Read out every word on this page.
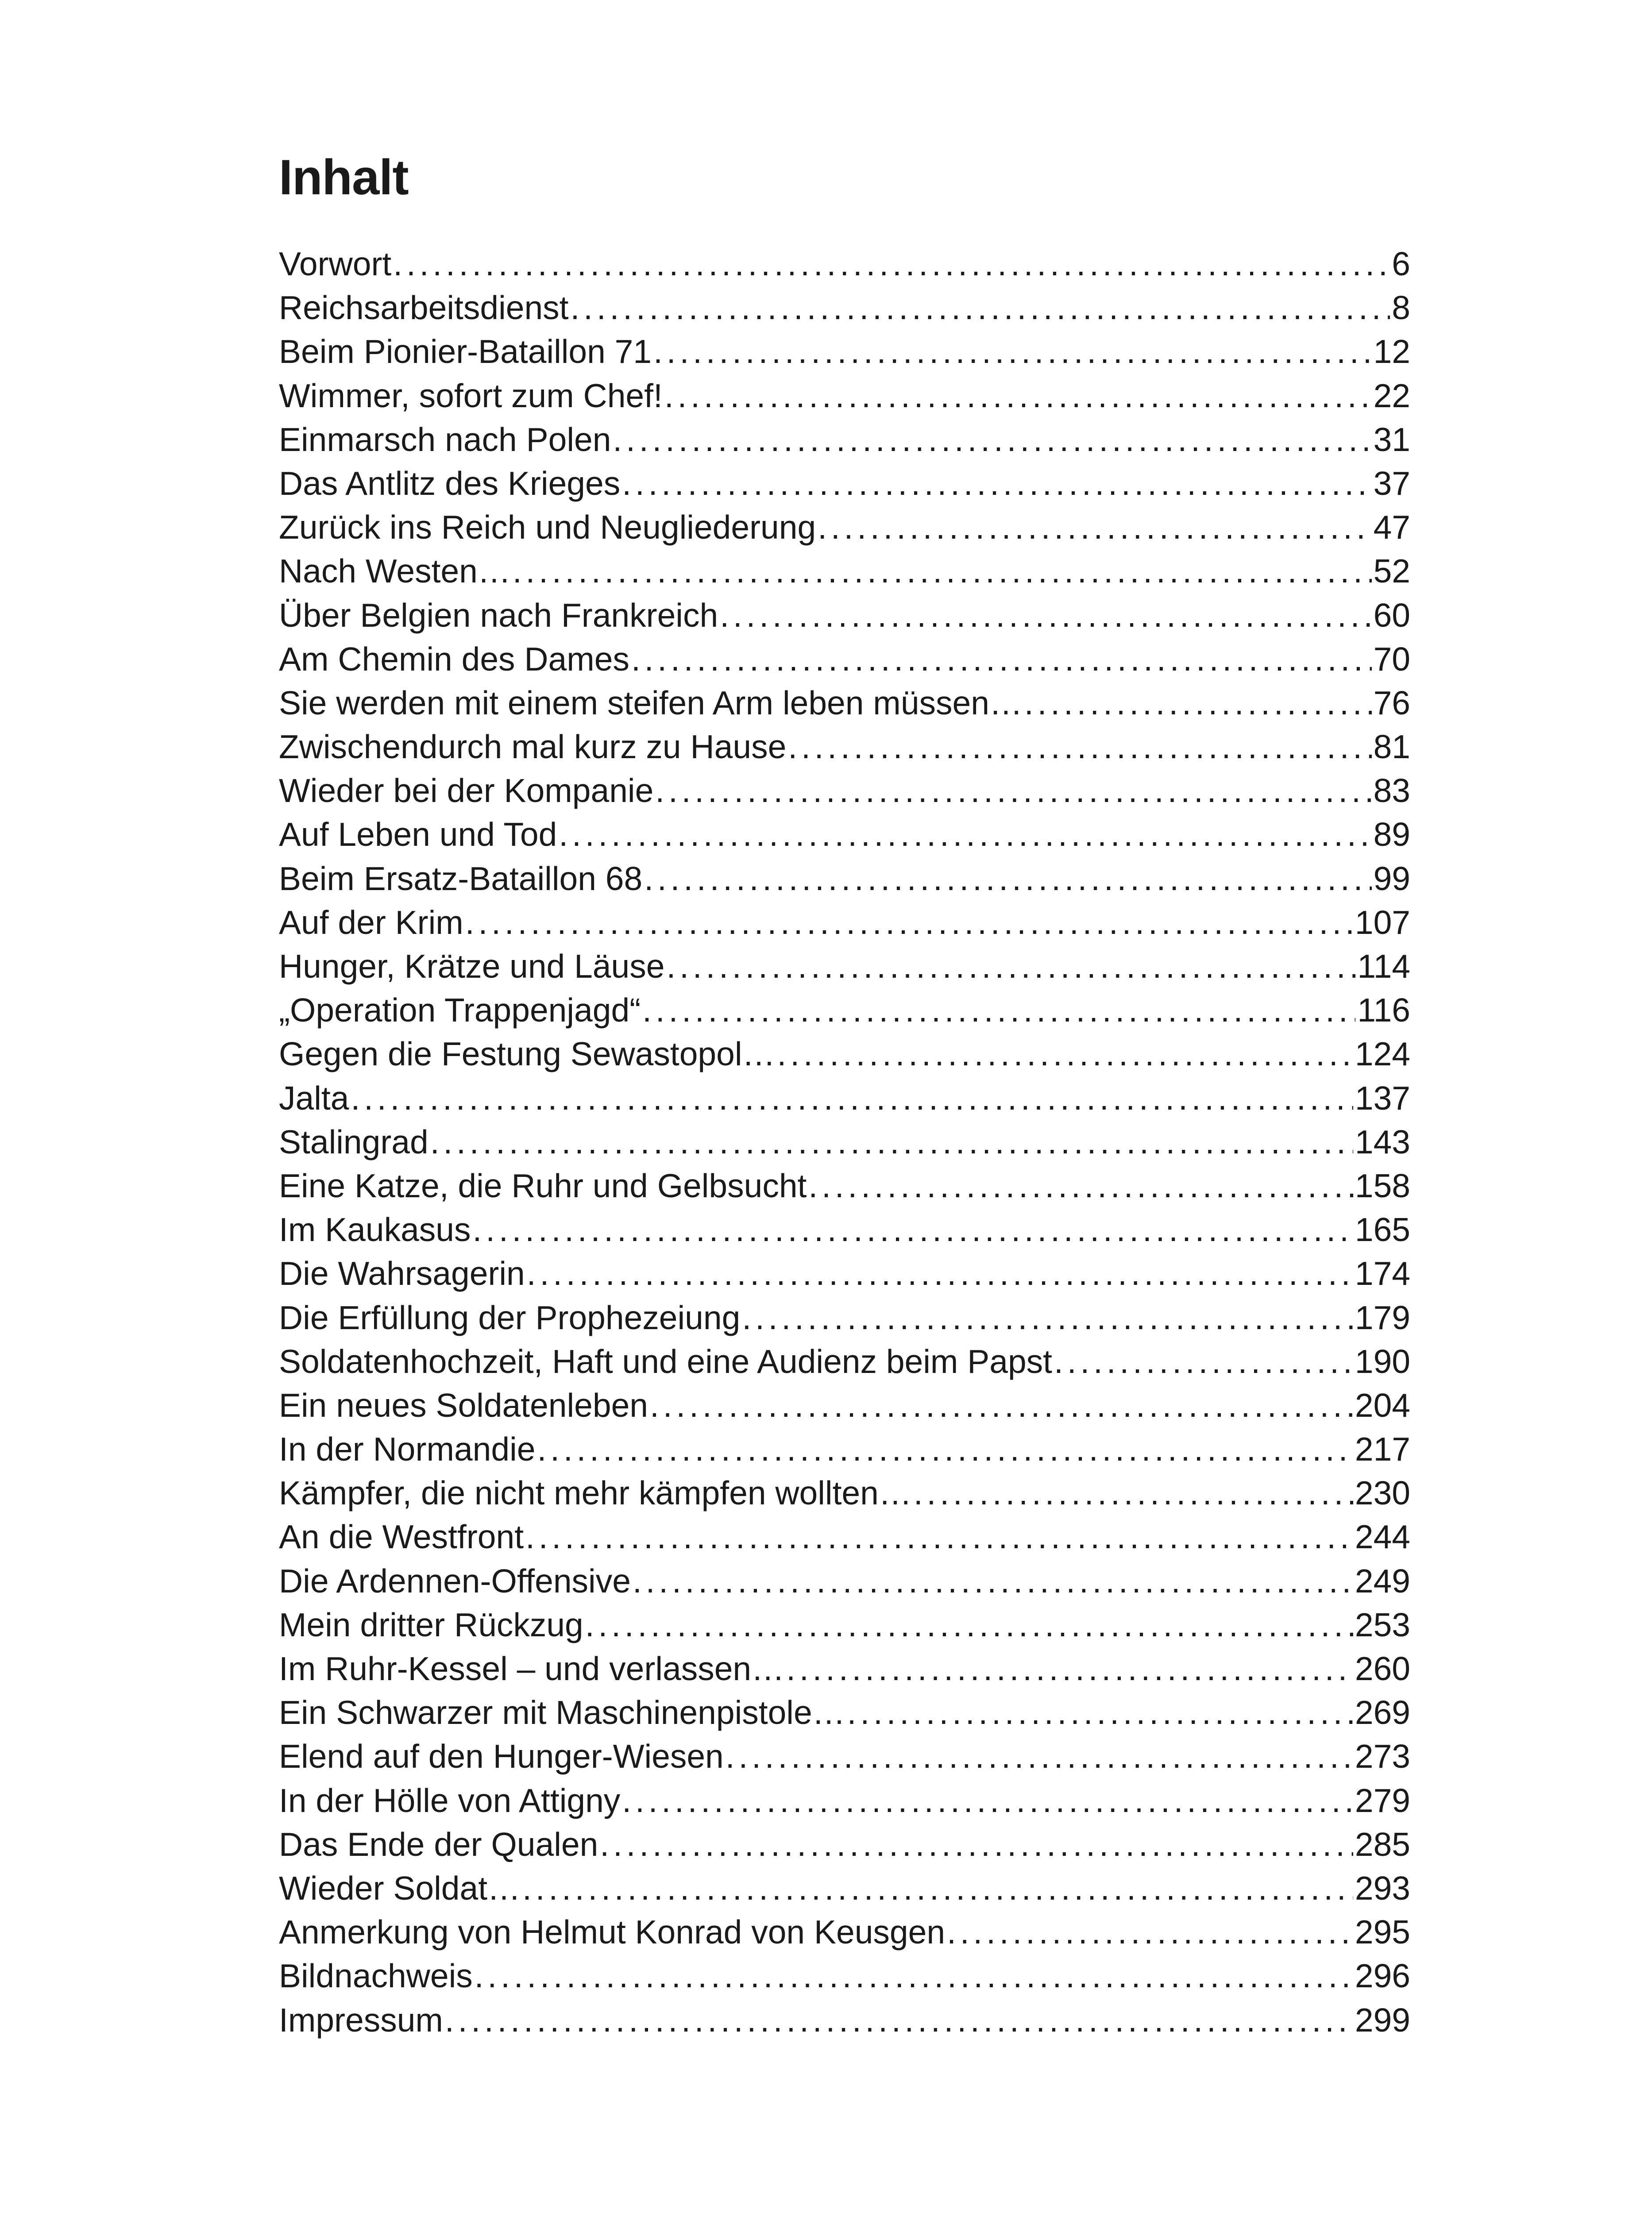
Inhalt
Vorwort . . .	6
Reichsarbeitsdienst . . .	8
Beim Pionier-Bataillon 71 . . .	12
Wimmer, sofort zum Chef! . . .	22
Einmarsch nach Polen . . .	31
Das Antlitz des Krieges . . .	37
Zurück ins Reich und Neugliederung . . .	47
Nach Westen… . . .	52
Über Belgien nach Frankreich . . .	60
Am Chemin des Dames . . .	70
Sie werden mit einem steifen Arm leben müssen… . . .	76
Zwischendurch mal kurz zu Hause . . .	81
Wieder bei der Kompanie . . .	83
Auf Leben und Tod . . .	89
Beim Ersatz-Bataillon 68 . . .	99
Auf der Krim . . .	107
Hunger, Krätze und Läuse . . .	114
„Operation Trappenjagd“ . . .	116
Gegen die Festung Sewastopol… . . .	124
Jalta . . .	137
Stalingrad . . .	143
Eine Katze, die Ruhr und Gelbsucht . . .	158
Im Kaukasus . . .	165
Die Wahrsagerin . . .	174
Die Erfüllung der Prophezeiung . . .	179
Soldatenhochzeit, Haft und eine Audienz beim Papst . . .	190
Ein neues Soldatenleben . . .	204
In der Normandie . . .	217
Kämpfer, die nicht mehr kämpfen wollten… . . .	230
An die Westfront . . .	244
Die Ardennen-Offensive . . .	249
Mein dritter Rückzug . . .	253
Im Ruhr-Kessel – und verlassen… . . .	260
Ein Schwarzer mit Maschinenpistole… . . .	269
Elend auf den Hunger-Wiesen . . .	273
In der Hölle von Attigny . . .	279
Das Ende der Qualen . . .	285
Wieder Soldat… . . .	293
Anmerkung von Helmut Konrad von Keusgen . . .	295
Bildnachweis . . .	296
Impressum . . .	299
